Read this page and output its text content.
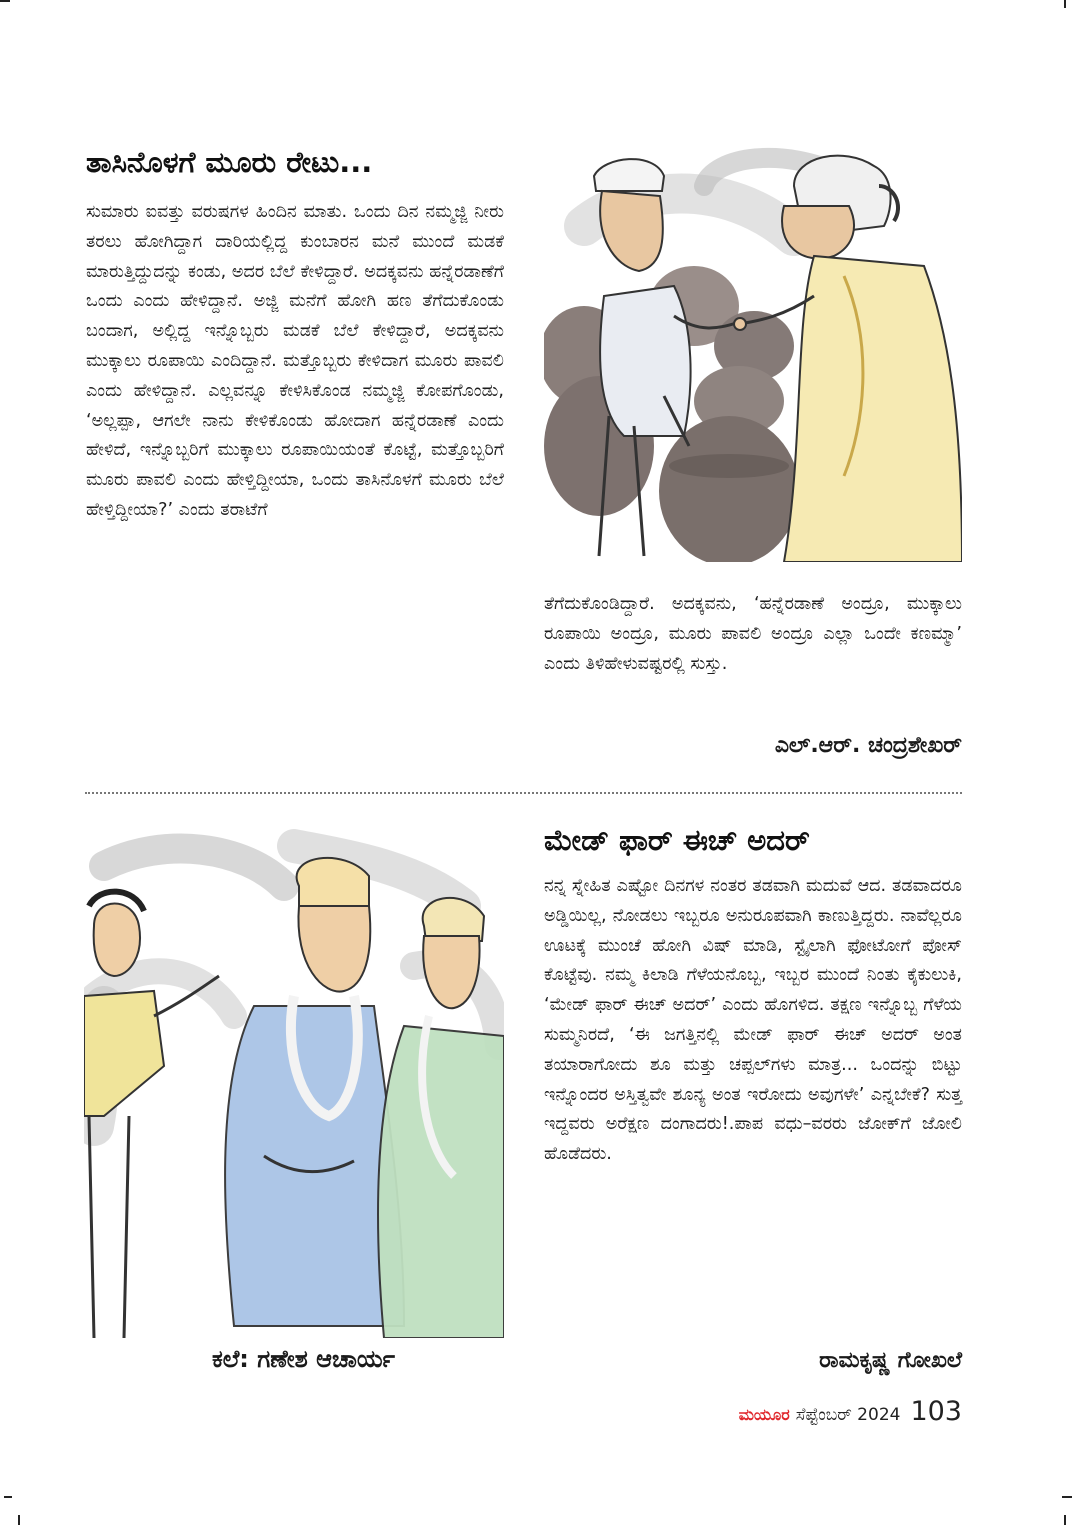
ತಾಸಿನೊಳಗೆ ಮೂರು ರೇಟು...

ಸುಮಾರು ಐವತ್ತು ವರುಷಗಳ ಹಿಂದಿನ ಮಾತು. ಒಂದು ದಿನ ನಮ್ಮಜ್ಜಿ ನೀರು ತರಲು ಹೋಗಿದ್ದಾಗ ದಾರಿಯಲ್ಲಿದ್ದ ಕುಂಬಾರನ ಮನೆ ಮುಂದೆ ಮಡಕೆ ಮಾರುತ್ತಿದ್ದುದನ್ನು ಕಂಡು, ಅದರ ಬೆಲೆ ಕೇಳಿದ್ದಾರೆ. ಅದಕ್ಕವನು ಹನ್ನೆರಡಾಣೆಗೆ ಒಂದು ಎಂದು ಹೇಳಿದ್ದಾನೆ. ಅಜ್ಜಿ ಮನೆಗೆ ಹೋಗಿ ಹಣ ತೆಗೆದುಕೊಂಡು ಬಂದಾಗ, ಅಲ್ಲಿದ್ದ ಇನ್ನೊಬ್ಬರು ಮಡಕೆ ಬೆಲೆ ಕೇಳಿದ್ದಾರೆ, ಅದಕ್ಕವನು ಮುಕ್ಕಾಲು ರೂಪಾಯಿ ಎಂದಿದ್ದಾನೆ. ಮತ್ತೊಬ್ಬರು ಕೇಳಿದಾಗ ಮೂರು ಪಾವಲಿ ಎಂದು ಹೇಳಿದ್ದಾನೆ. ಎಲ್ಲವನ್ನೂ ಕೇಳಿಸಿಕೊಂಡ ನಮ್ಮಜ್ಜಿ ಕೋಪಗೊಂಡು, ‘ಅಲ್ಲಪ್ಪಾ, ಆಗಲೇ ನಾನು ಕೇಳಿಕೊಂಡು ಹೋದಾಗ ಹನ್ನೆರಡಾಣೆ ಎಂದು ಹೇಳಿದೆ, ಇನ್ನೊಬ್ಬರಿಗೆ ಮುಕ್ಕಾಲು ರೂಪಾಯಿಯಂತೆ ಕೊಟ್ಟೆ, ಮತ್ತೊಬ್ಬರಿಗೆ ಮೂರು ಪಾವಲಿ ಎಂದು ಹೇಳ್ತಿದ್ದೀಯಾ, ಒಂದು ತಾಸಿನೊಳಗೆ ಮೂರು ಬೆಲೆ ಹೇಳ್ತಿದ್ದೀಯಾ?’ ಎಂದು ತರಾಟೆಗೆ

ತೆಗೆದುಕೊಂಡಿದ್ದಾರೆ. ಅದಕ್ಕವನು, ‘ಹನ್ನೆರಡಾಣೆ ಅಂದ್ರೂ, ಮುಕ್ಕಾಲು ರೂಪಾಯಿ ಅಂದ್ರೂ, ಮೂರು ಪಾವಲಿ ಅಂದ್ರೂ ಎಲ್ಲಾ ಒಂದೇ ಕಣಮ್ಮಾ’ ಎಂದು ತಿಳಿಹೇಳುವಷ್ಟರಲ್ಲಿ ಸುಸ್ತು.

ಎಲ್‌.ಆರ್‌. ಚಂದ್ರಶೇಖರ್

ಮೇಡ್ ಫಾರ್ ಈಚ್ ಅದರ್

ನನ್ನ ಸ್ನೇಹಿತ ಎಷ್ಟೋ ದಿನಗಳ ನಂತರ ತಡವಾಗಿ ಮದುವೆ ಆದ. ತಡವಾದರೂ ಅಡ್ಡಿಯಿಲ್ಲ, ನೋಡಲು ಇಬ್ಬರೂ ಅನುರೂಪವಾಗಿ ಕಾಣುತ್ತಿದ್ದರು. ನಾವೆಲ್ಲರೂ ಊಟಕ್ಕೆ ಮುಂಚೆ ಹೋಗಿ ವಿಷ್ ಮಾಡಿ, ಸ್ಟೈಲಾಗಿ ಫೋಟೋಗೆ ಪೋಸ್ ಕೊಟ್ಟೆವು. ನಮ್ಮ ಕಿಲಾಡಿ ಗೆಳೆಯನೊಬ್ಬ, ಇಬ್ಬರ ಮುಂದೆ ನಿಂತು ಕೈಕುಲುಕಿ, ‘ಮೇಡ್ ಫಾರ್ ಈಚ್ ಅದರ್’ ಎಂದು ಹೊಗಳಿದ. ತಕ್ಷಣ ಇನ್ನೊಬ್ಬ ಗೆಳೆಯ ಸುಮ್ಮನಿರದೆ, ‘ಈ ಜಗತ್ತಿನಲ್ಲಿ ಮೇಡ್ ಫಾರ್ ಈಚ್ ಅದರ್ ಅಂತ ತಯಾರಾಗೋದು ಶೂ ಮತ್ತು ಚಪ್ಪಲ್‌ಗಳು ಮಾತ್ರ... ಒಂದನ್ನು ಬಿಟ್ಟು ಇನ್ನೊಂದರ ಅಸ್ತಿತ್ವವೇ ಶೂನ್ಯ ಅಂತ ಇರೋದು ಅವುಗಳೇ’ ಎನ್ನಬೇಕೆ? ಸುತ್ತ ಇದ್ದವರು ಅರೆಕ್ಷಣ ದಂಗಾದರು!.ಪಾಪ ವಧು–ವರರು ಜೋಕ್‌ಗೆ ಜೋಲಿ ಹೊಡೆದರು.

ರಾಮಕೃಷ್ಣ ಗೋಖಲೆ

ಕಲೆ: ಗಣೇಶ ಆಚಾರ್ಯ
ಮಯೂರ ಸೆಪ್ಟೆಂಬರ್ 2024 103
